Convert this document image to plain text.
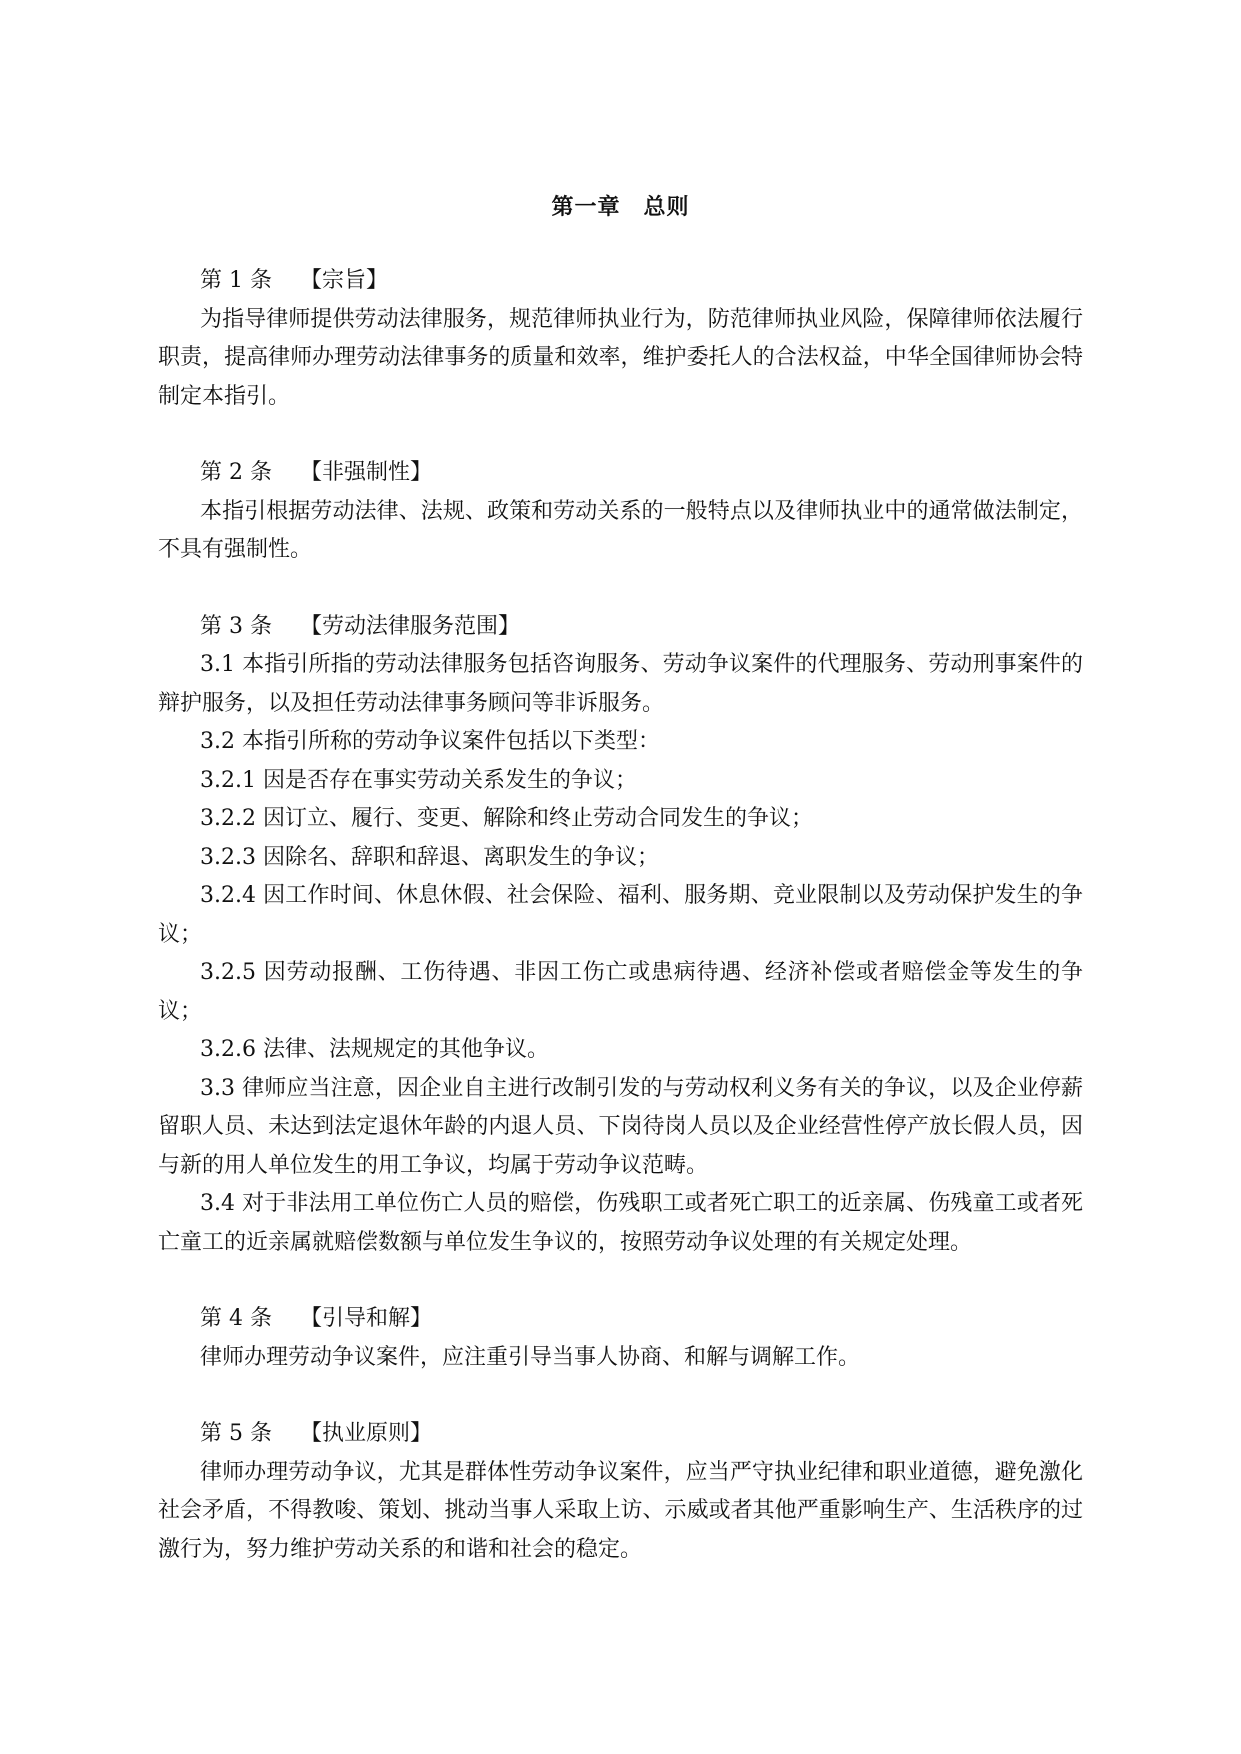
第一章　总则
第 1 条 【宗旨】

为指导律师提供劳动法律服务，规范律师执业行为，防范律师执业风险，保障律师依法履行职责，提高律师办理劳动法律事务的质量和效率，维护委托人的合法权益，中华全国律师协会特制定本指引。

第 2 条 【非强制性】

本指引根据劳动法律、法规、政策和劳动关系的一般特点以及律师执业中的通常做法制定，不具有强制性。

第 3 条 【劳动法律服务范围】

3.1 本指引所指的劳动法律服务包括咨询服务、劳动争议案件的代理服务、劳动刑事案件的辩护服务，以及担任劳动法律事务顾问等非诉服务。

3.2 本指引所称的劳动争议案件包括以下类型：

3.2.1 因是否存在事实劳动关系发生的争议；

3.2.2 因订立、履行、变更、解除和终止劳动合同发生的争议；

3.2.3 因除名、辞职和辞退、离职发生的争议；

3.2.4 因工作时间、休息休假、社会保险、福利、服务期、竞业限制以及劳动保护发生的争议；

3.2.5 因劳动报酬、工伤待遇、非因工伤亡或患病待遇、经济补偿或者赔偿金等发生的争议；

3.2.6 法律、法规规定的其他争议。

3.3 律师应当注意，因企业自主进行改制引发的与劳动权利义务有关的争议，以及企业停薪留职人员、未达到法定退休年龄的内退人员、下岗待岗人员以及企业经营性停产放长假人员，因与新的用人单位发生的用工争议，均属于劳动争议范畴。

3.4 对于非法用工单位伤亡人员的赔偿，伤残职工或者死亡职工的近亲属、伤残童工或者死亡童工的近亲属就赔偿数额与单位发生争议的，按照劳动争议处理的有关规定处理。

第 4 条 【引导和解】

律师办理劳动争议案件，应注重引导当事人协商、和解与调解工作。

第 5 条 【执业原则】

律师办理劳动争议，尤其是群体性劳动争议案件，应当严守执业纪律和职业道德，避免激化社会矛盾，不得教唆、策划、挑动当事人采取上访、示威或者其他严重影响生产、生活秩序的过激行为，努力维护劳动关系的和谐和社会的稳定。
